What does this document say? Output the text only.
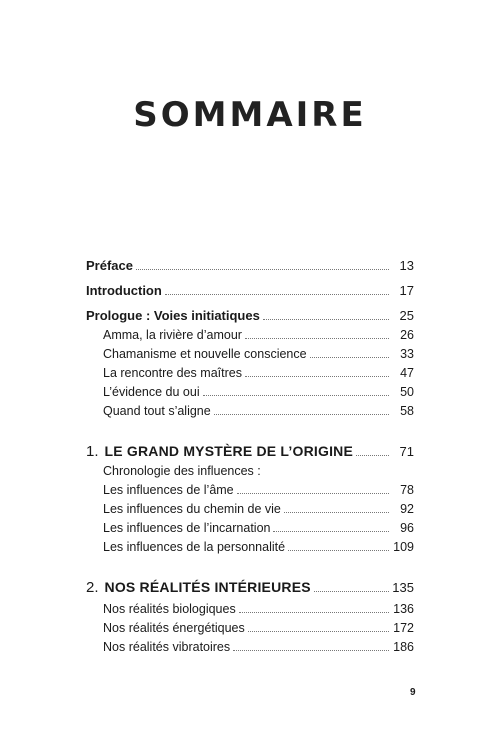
SOMMAIRE
Préface	13
Introduction	17
Prologue : Voies initiatiques	25
Amma, la rivière d’amour	26
Chamanisme et nouvelle conscience	33
La rencontre des maîtres	47
L’évidence du oui	50
Quand tout s’aligne	58
1. LE GRAND MYSTÈRE DE L’ORIGINE	71
Chronologie des influences :
Les influences de l’âme	78
Les influences du chemin de vie	92
Les influences de l’incarnation	96
Les influences de la personnalité	109
2. NOS RÉALITÉS INTÉRIEURES	135
Nos réalités biologiques	136
Nos réalités énergétiques	172
Nos réalités vibratoires	186
9
